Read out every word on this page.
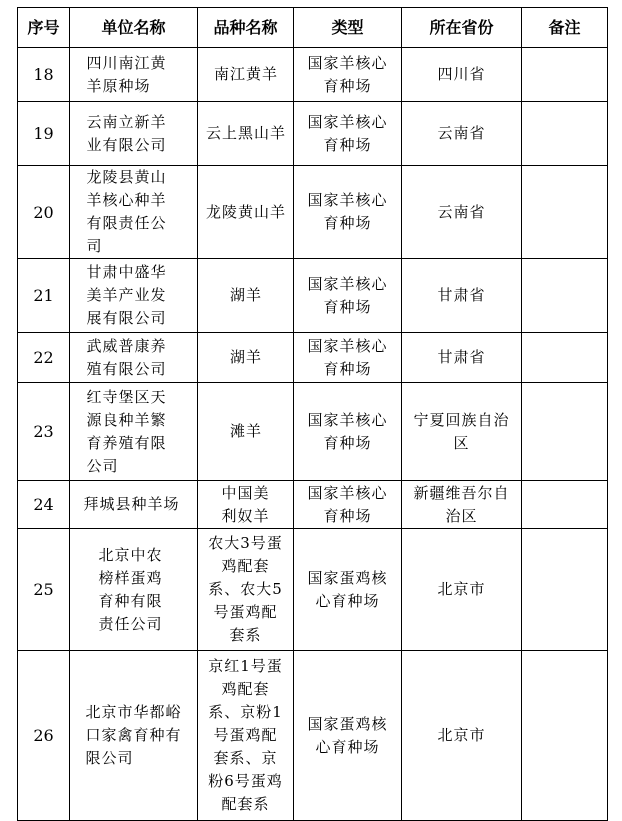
序号	单位名称	品种名称	类型	所在省份	备注
18	四川南江黄羊原种场	南江黄羊	国家羊核心育种场	四川省	
19	云南立新羊业有限公司	云上黑山羊	国家羊核心育种场	云南省	
20	龙陵县黄山羊核心种羊有限责任公司	龙陵黄山羊	国家羊核心育种场	云南省	
21	甘肃中盛华美羊产业发展有限公司	湖羊	国家羊核心育种场	甘肃省	
22	武威普康养殖有限公司	湖羊	国家羊核心育种场	甘肃省	
23	红寺堡区天源良种羊繁育养殖有限公司	滩羊	国家羊核心育种场	宁夏回族自治区	
24	拜城县种羊场	中国美利奴羊	国家羊核心育种场	新疆维吾尔自治区	
25	北京中农榜样蛋鸡育种有限责任公司	农大3号蛋鸡配套系、农大5号蛋鸡配套系	国家蛋鸡核心育种场	北京市	
26	北京市华都峪口家禽育种有限公司	京红1号蛋鸡配套系、京粉1号蛋鸡配套系、京粉6号蛋鸡配套系	国家蛋鸡核心育种场	北京市	
